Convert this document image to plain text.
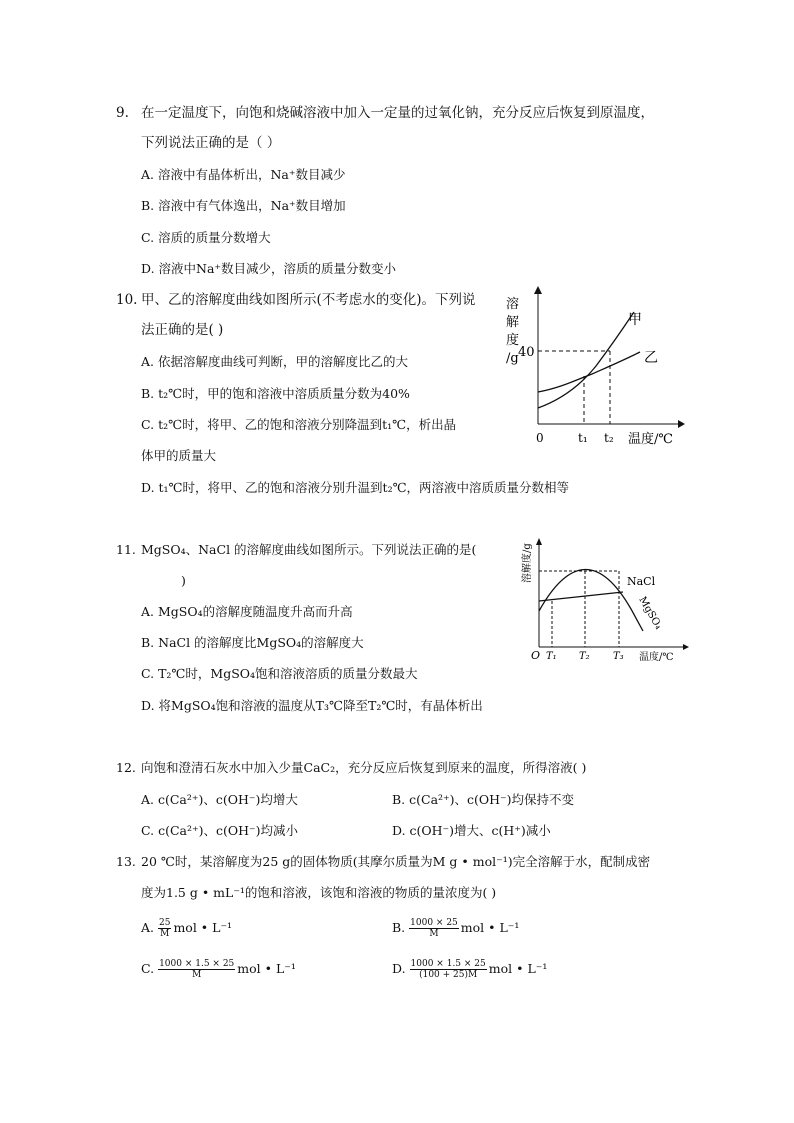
9. 在一定温度下，向饱和烧碱溶液中加入一定量的过氧化钠，充分反应后恢复到原温度，
下列说法正确的是（ ）
A. 溶液中有晶体析出，Na⁺数目减少
B. 溶液中有气体逸出，Na⁺数目增加
C. 溶质的质量分数增大
D. 溶液中Na⁺数目减少，溶质的质量分数变小
10. 甲、乙的溶解度曲线如图所示(不考虑水的变化)。下列说
法正确的是( )
A. 依据溶解度曲线可判断，甲的溶解度比乙的大
B. t₂℃时，甲的饱和溶液中溶质质量分数为40%
C. t₂℃时，将甲、乙的饱和溶液分别降温到t₁℃，析出晶
体甲的质量大
D. t₁℃时，将甲、乙的饱和溶液分别升温到t₂℃，两溶液中溶质质量分数相等
溶
解
度
/g 40
甲
乙
0	t₁ t₂ 温度/℃
11. MgSO₄、NaCl 的溶解度曲线如图所示。下列说法正确的是(
)
A. MgSO₄的溶解度随温度升高而升高
B. NaCl 的溶解度比MgSO₄的溶解度大
C. T₂℃时，MgSO₄饱和溶液溶质的质量分数最大
D. 将MgSO₄饱和溶液的温度从T₃℃降至T₂℃时，有晶体析出
溶解度/g	NaCl
MgSO₄
O T₁ T₂ T₃ 温度/℃
12. 向饱和澄清石灰水中加入少量CaC₂，充分反应后恢复到原来的温度，所得溶液( )
A. c(Ca²⁺)、c(OH⁻)均增大	B. c(Ca²⁺)、c(OH⁻)均保持不变
C. c(Ca²⁺)、c(OH⁻)均减小	D. c(OH⁻)增大、c(H⁺)减小
13. 20 ℃时，某溶解度为25 g的固体物质(其摩尔质量为M g • mol⁻¹)完全溶解于水，配制成密
度为1.5 g • mL⁻¹的饱和溶液，该饱和溶液的物质的量浓度为( )
A. $\frac{25}{M}$ mol • L⁻¹	B. $\frac{1000 \times 25}{M}$ mol • L⁻¹
C. $\frac{1000 \times 1.5 \times 25}{M}$ mol • L⁻¹	D. $\frac{1000 \times 1.5 \times 25}{(100 + 25)M}$ mol • L⁻¹
